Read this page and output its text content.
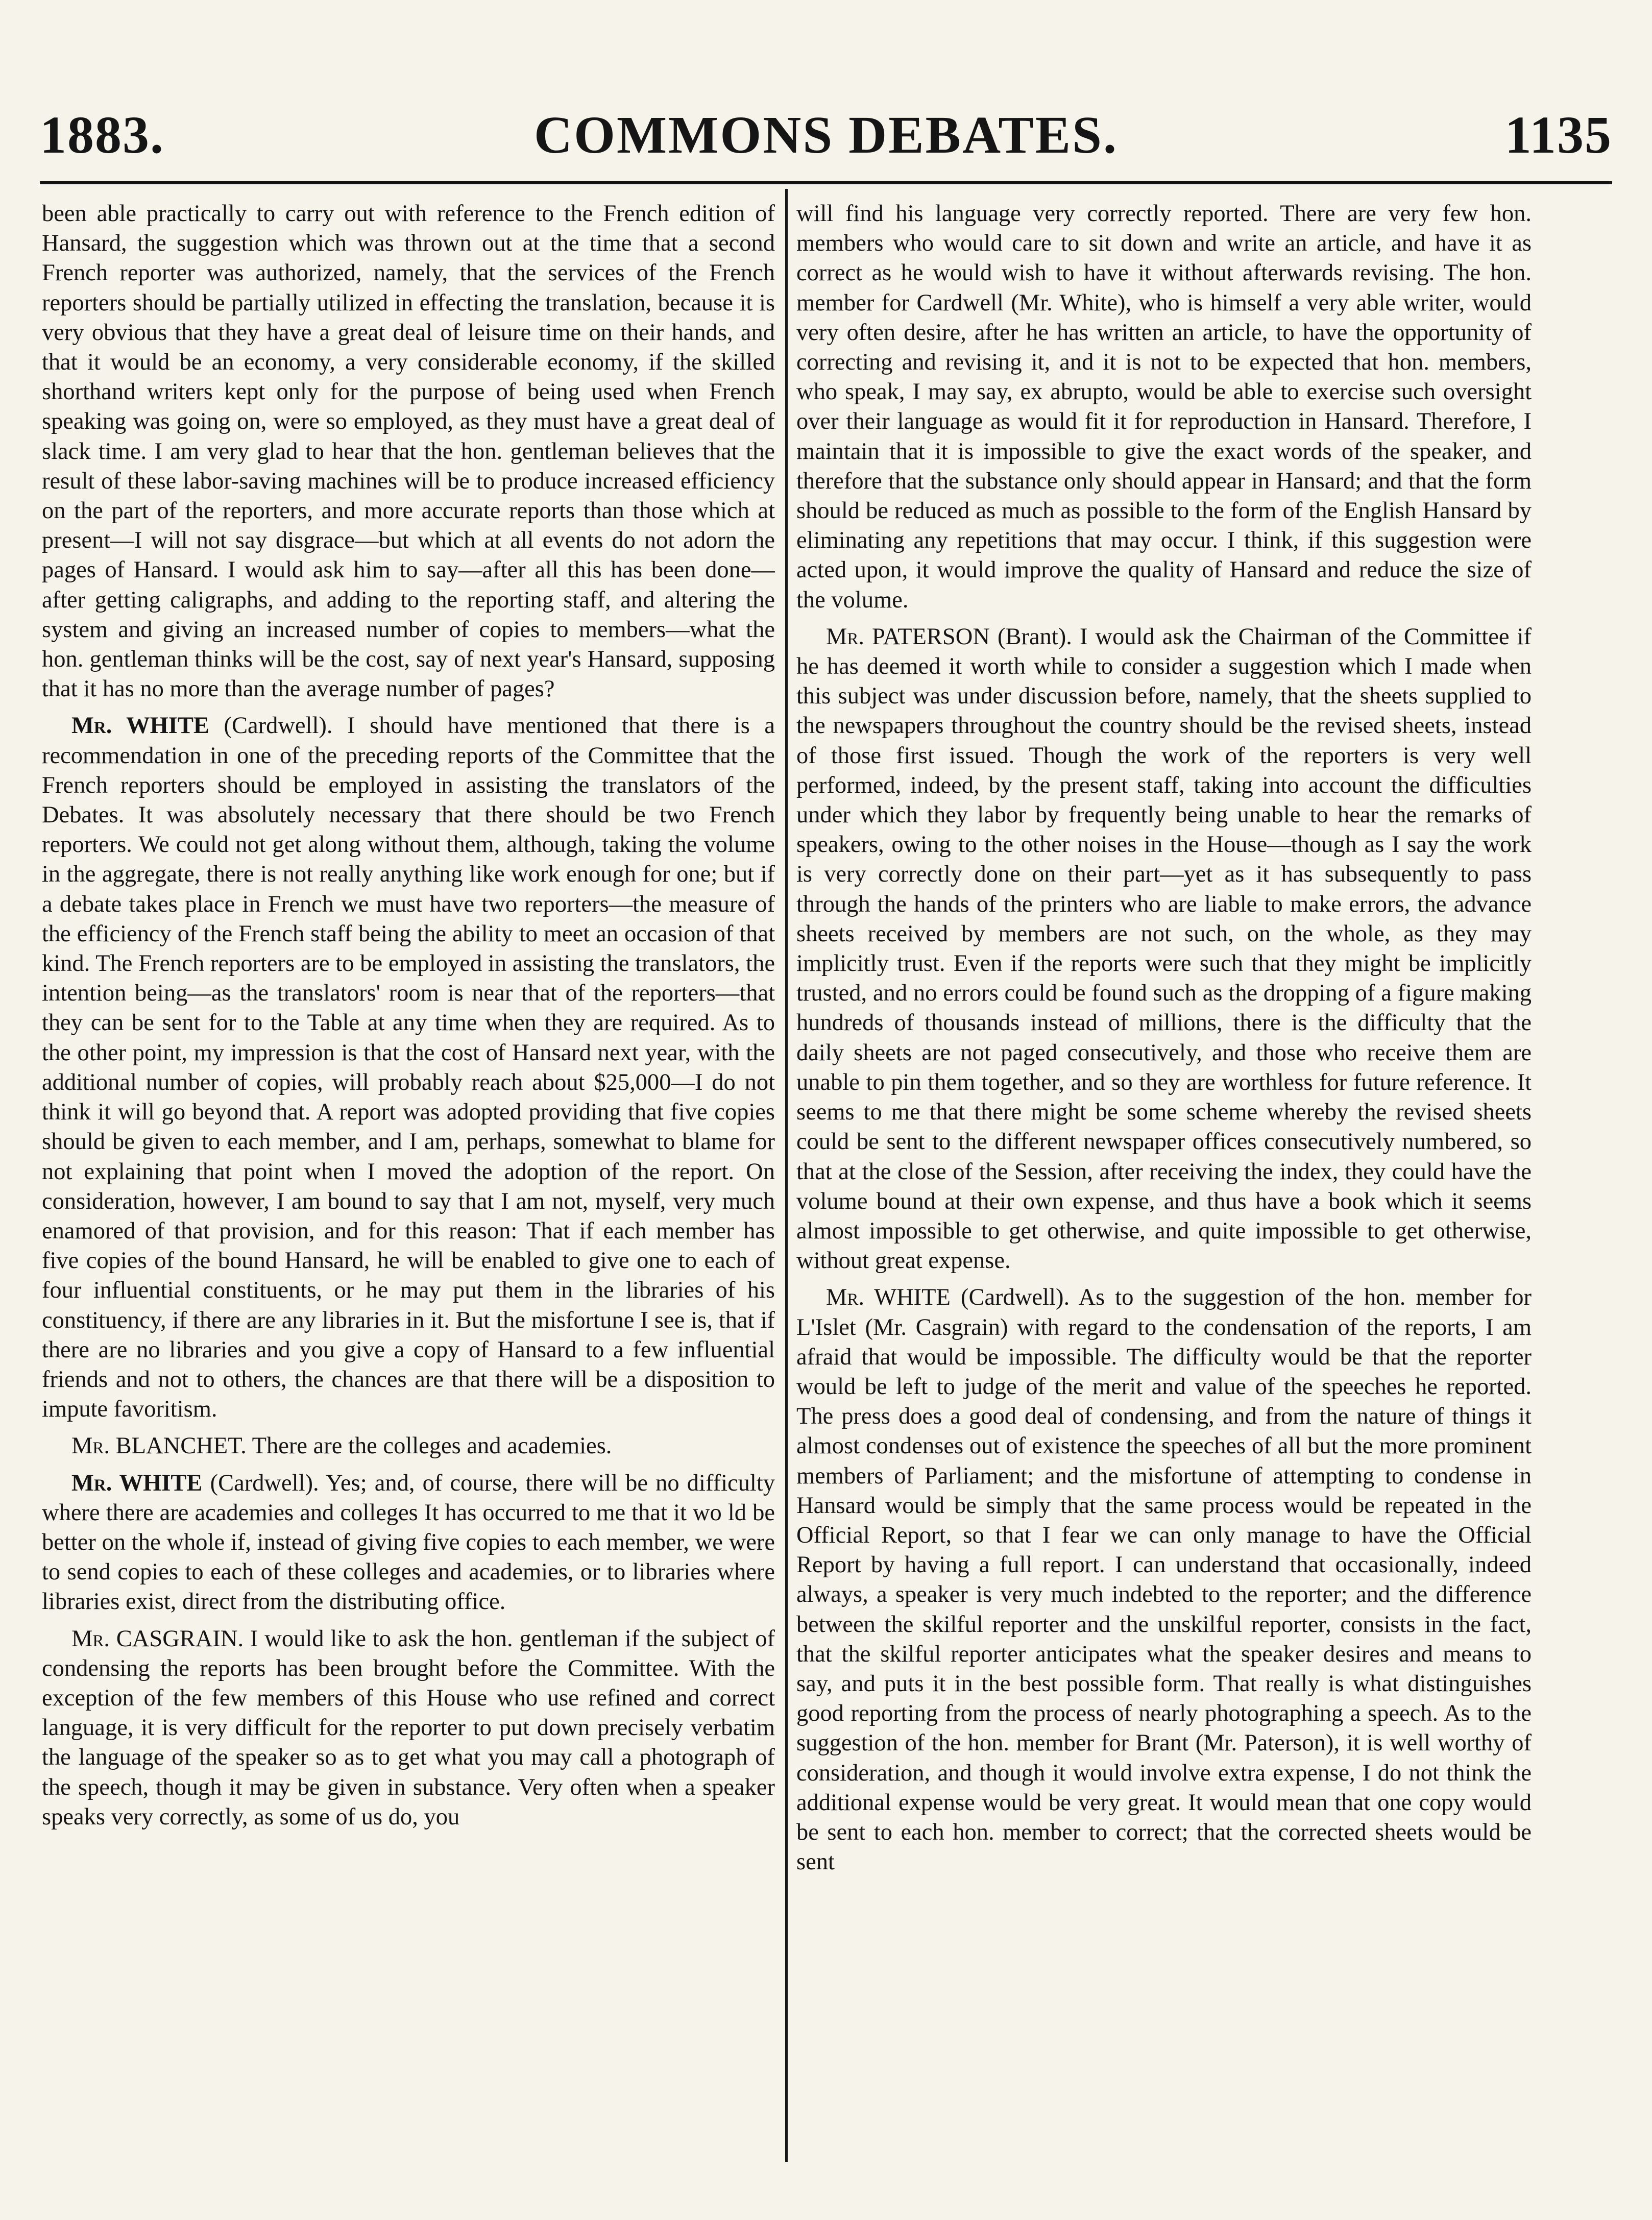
1883.	COMMONS DEBATES.	1135

been able practically to carry out with reference to the French edition of Hansard, the suggestion which was thrown out at the time that a second French reporter was authorized, namely, that the services of the French reporters should be partially utilized in effecting the translation, because it is very obvious that they have a great deal of leisure time on their hands, and that it would be an economy, a very considerable economy, if the skilled shorthand writers kept only for the purpose of being used when French speaking was going on, were so employed, as they must have a great deal of slack time. I am very glad to hear that the hon. gentleman believes that the result of these labor-saving machines will be to produce increased efficiency on the part of the reporters, and more accurate reports than those which at present—I will not say disgrace—but which at all events do not adorn the pages of Hansard. I would ask him to say—after all this has been done—after getting caligraphs, and adding to the reporting staff, and altering the system and giving an increased number of copies to members—what the hon. gentleman thinks will be the cost, say of next year's Hansard, supposing that it has no more than the average number of pages?

Mr. WHITE (Cardwell). I should have mentioned that there is a recommendation in one of the preceding reports of the Committee that the French reporters should be employed in assisting the translators of the Debates. It was absolutely necessary that there should be two French reporters. We could not get along without them, although, taking the volume in the aggregate, there is not really anything like work enough for one; but if a debate takes place in French we must have two reporters—the measure of the efficiency of the French staff being the ability to meet an occasion of that kind. The French reporters are to be employed in assisting the translators, the intention being—as the translators' room is near that of the reporters—that they can be sent for to the Table at any time when they are required. As to the other point, my impression is that the cost of Hansard next year, with the additional number of copies, will probably reach about $25,000—I do not think it will go beyond that. A report was adopted providing that five copies should be given to each member, and I am, perhaps, somewhat to blame for not explaining that point when I moved the adoption of the report. On consideration, however, I am bound to say that I am not, myself, very much enamored of that provision, and for this reason: That if each member has five copies of the bound Hansard, he will be enabled to give one to each of four influential constituents, or he may put them in the libraries of his constituency, if there are any libraries in it. But the misfortune I see is, that if there are no libraries and you give a copy of Hansard to a few influential friends and not to others, the chances are that there will be a disposition to impute favoritism.

Mr. BLANCHET. There are the colleges and academies.

Mr. WHITE (Cardwell). Yes; and, of course, there will be no difficulty where there are academies and colleges It has occurred to me that it wo ld be better on the whole if, instead of giving five copies to each member, we were to send copies to each of these colleges and academies, or to libraries where libraries exist, direct from the distributing office.

Mr. CASGRAIN. I would like to ask the hon. gentleman if the subject of condensing the reports has been brought before the Committee. With the exception of the few members of this House who use refined and correct language, it is very difficult for the reporter to put down precisely verbatim the language of the speaker so as to get what you may call a photograph of the speech, though it may be given in substance. Very often when a speaker speaks very correctly, as some of us do, you

will find his language very correctly reported. There are very few hon. members who would care to sit down and write an article, and have it as correct as he would wish to have it without afterwards revising. The hon. member for Cardwell (Mr. White), who is himself a very able writer, would very often desire, after he has written an article, to have the opportunity of correcting and revising it, and it is not to be expected that hon. members, who speak, I may say, ex abrupto, would be able to exercise such oversight over their language as would fit it for reproduction in Hansard. Therefore, I maintain that it is impossible to give the exact words of the speaker, and therefore that the substance only should appear in Hansard; and that the form should be reduced as much as possible to the form of the English Hansard by eliminating any repetitions that may occur. I think, if this suggestion were acted upon, it would improve the quality of Hansard and reduce the size of the volume.

Mr. PATERSON (Brant). I would ask the Chairman of the Committee if he has deemed it worth while to consider a suggestion which I made when this subject was under discussion before, namely, that the sheets supplied to the newspapers throughout the country should be the revised sheets, instead of those first issued. Though the work of the reporters is very well performed, indeed, by the present staff, taking into account the difficulties under which they labor by frequently being unable to hear the remarks of speakers, owing to the other noises in the House—though as I say the work is very correctly done on their part—yet as it has subsequently to pass through the hands of the printers who are liable to make errors, the advance sheets received by members are not such, on the whole, as they may implicitly trust. Even if the reports were such that they might be implicitly trusted, and no errors could be found such as the dropping of a figure making hundreds of thousands instead of millions, there is the difficulty that the daily sheets are not paged consecutively, and those who receive them are unable to pin them together, and so they are worthless for future reference. It seems to me that there might be some scheme whereby the revised sheets could be sent to the different newspaper offices consecutively numbered, so that at the close of the Session, after receiving the index, they could have the volume bound at their own expense, and thus have a book which it seems almost impossible to get otherwise, and quite impossible to get otherwise, without great expense.

Mr. WHITE (Cardwell). As to the suggestion of the hon. member for L'Islet (Mr. Casgrain) with regard to the condensation of the reports, I am afraid that would be impossible. The difficulty would be that the reporter would be left to judge of the merit and value of the speeches he reported. The press does a good deal of condensing, and from the nature of things it almost condenses out of existence the speeches of all but the more prominent members of Parliament; and the misfortune of attempting to condense in Hansard would be simply that the same process would be repeated in the Official Report, so that I fear we can only manage to have the Official Report by having a full report. I can understand that occasionally, indeed always, a speaker is very much indebted to the reporter; and the difference between the skilful reporter and the unskilful reporter, consists in the fact, that the skilful reporter anticipates what the speaker desires and means to say, and puts it in the best possible form. That really is what distinguishes good reporting from the process of nearly photographing a speech. As to the suggestion of the hon. member for Brant (Mr. Paterson), it is well worthy of consideration, and though it would involve extra expense, I do not think the additional expense would be very great. It would mean that one copy would be sent to each hon. member to correct; that the corrected sheets would be sent
